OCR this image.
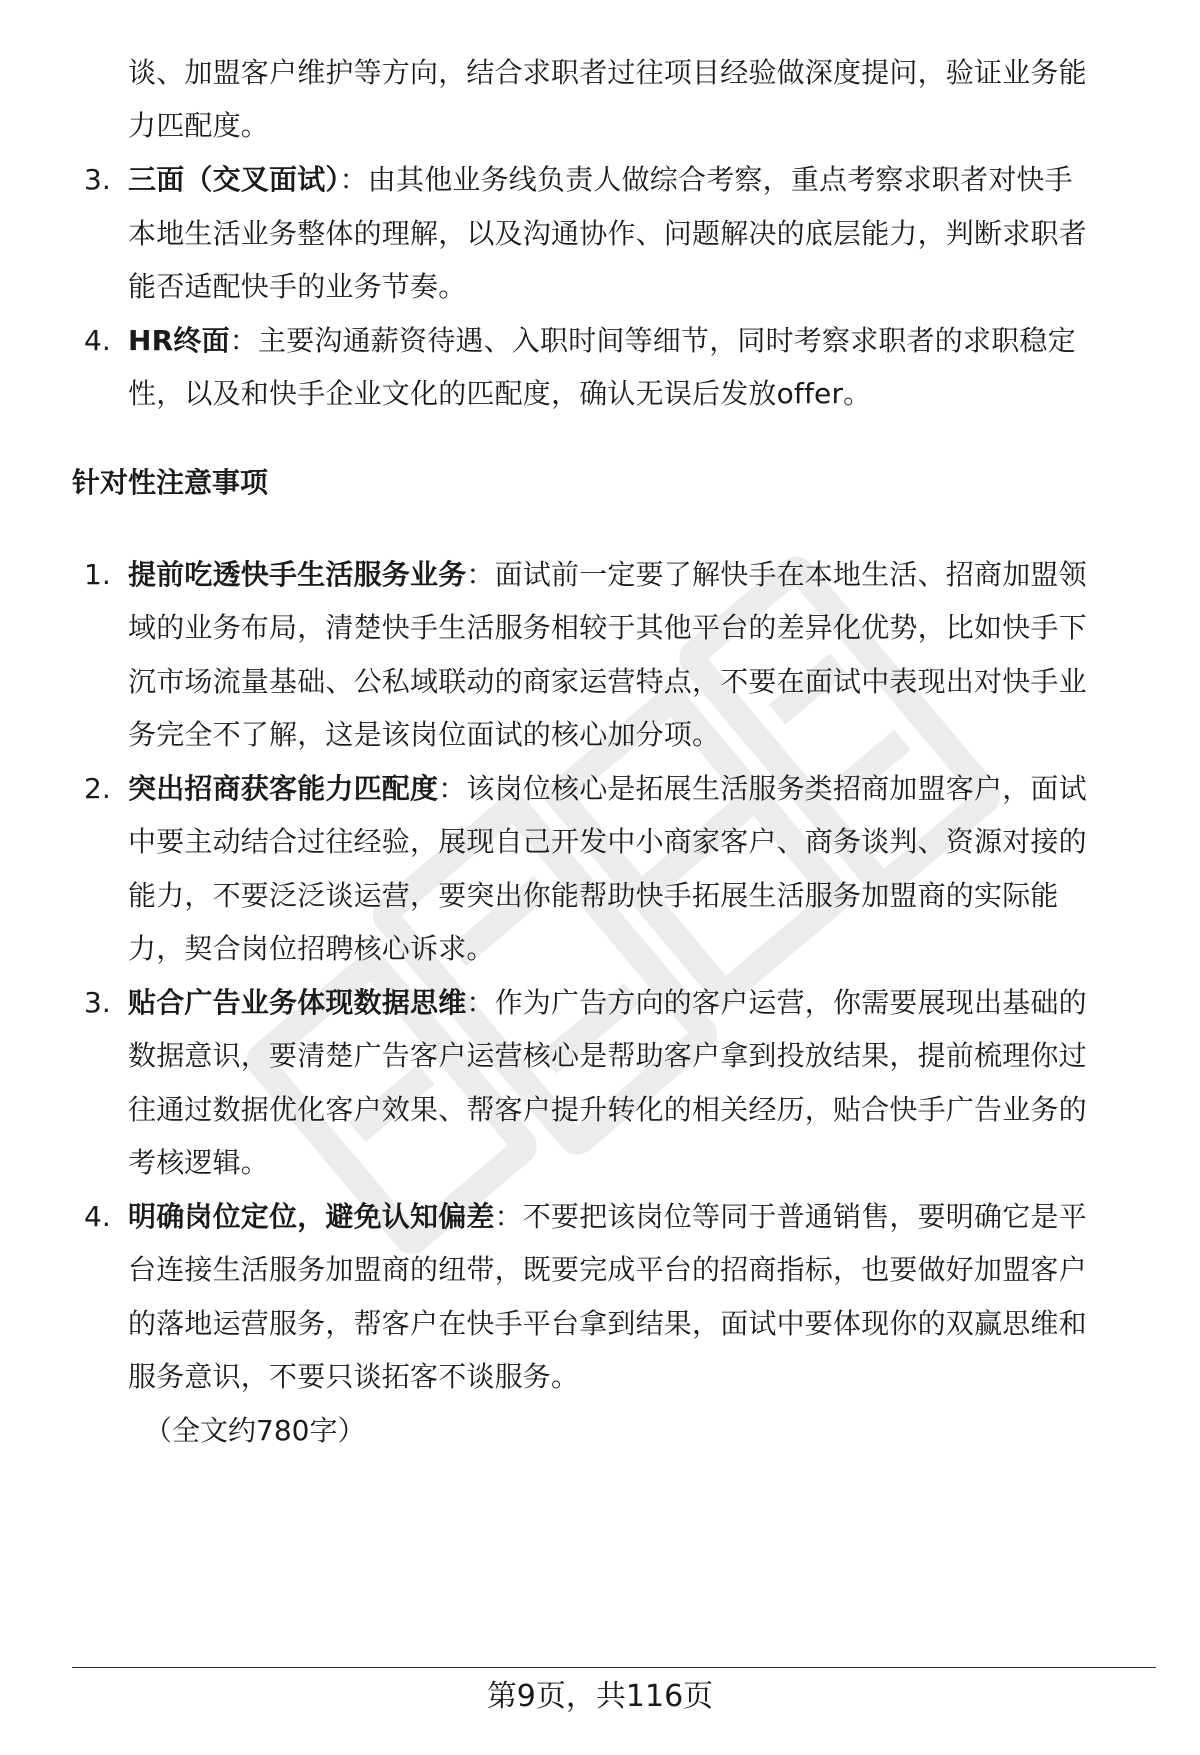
谈、加盟客户维护等方向，结合求职者过往项目经验做深度提问，验证业务能
力匹配度。
3. 三面（交叉面试）：由其他业务线负责人做综合考察，重点考察求职者对快手
本地生活业务整体的理解，以及沟通协作、问题解决的底层能力，判断求职者
能否适配快手的业务节奏。
4. HR终面：主要沟通薪资待遇、入职时间等细节，同时考察求职者的求职稳定
性，以及和快手企业文化的匹配度，确认无误后发放offer。
针对性注意事项
1. 提前吃透快手生活服务业务：面试前一定要了解快手在本地生活、招商加盟领
域的业务布局，清楚快手生活服务相较于其他平台的差异化优势，比如快手下
沉市场流量基础、公私域联动的商家运营特点，不要在面试中表现出对快手业
务完全不了解，这是该岗位面试的核心加分项。
2. 突出招商获客能力匹配度：该岗位核心是拓展生活服务类招商加盟客户，面试
中要主动结合过往经验，展现自己开发中小商家客户、商务谈判、资源对接的
能力，不要泛泛谈运营，要突出你能帮助快手拓展生活服务加盟商的实际能
力，契合岗位招聘核心诉求。
3. 贴合广告业务体现数据思维：作为广告方向的客户运营，你需要展现出基础的
数据意识，要清楚广告客户运营核心是帮助客户拿到投放结果，提前梳理你过
往通过数据优化客户效果、帮客户提升转化的相关经历，贴合快手广告业务的
考核逻辑。
4. 明确岗位定位，避免认知偏差：不要把该岗位等同于普通销售，要明确它是平
台连接生活服务加盟商的纽带，既要完成平台的招商指标，也要做好加盟客户
的落地运营服务，帮客户在快手平台拿到结果，面试中要体现你的双赢思维和
服务意识，不要只谈拓客不谈服务。
（全文约780字）
第9页，共116页
